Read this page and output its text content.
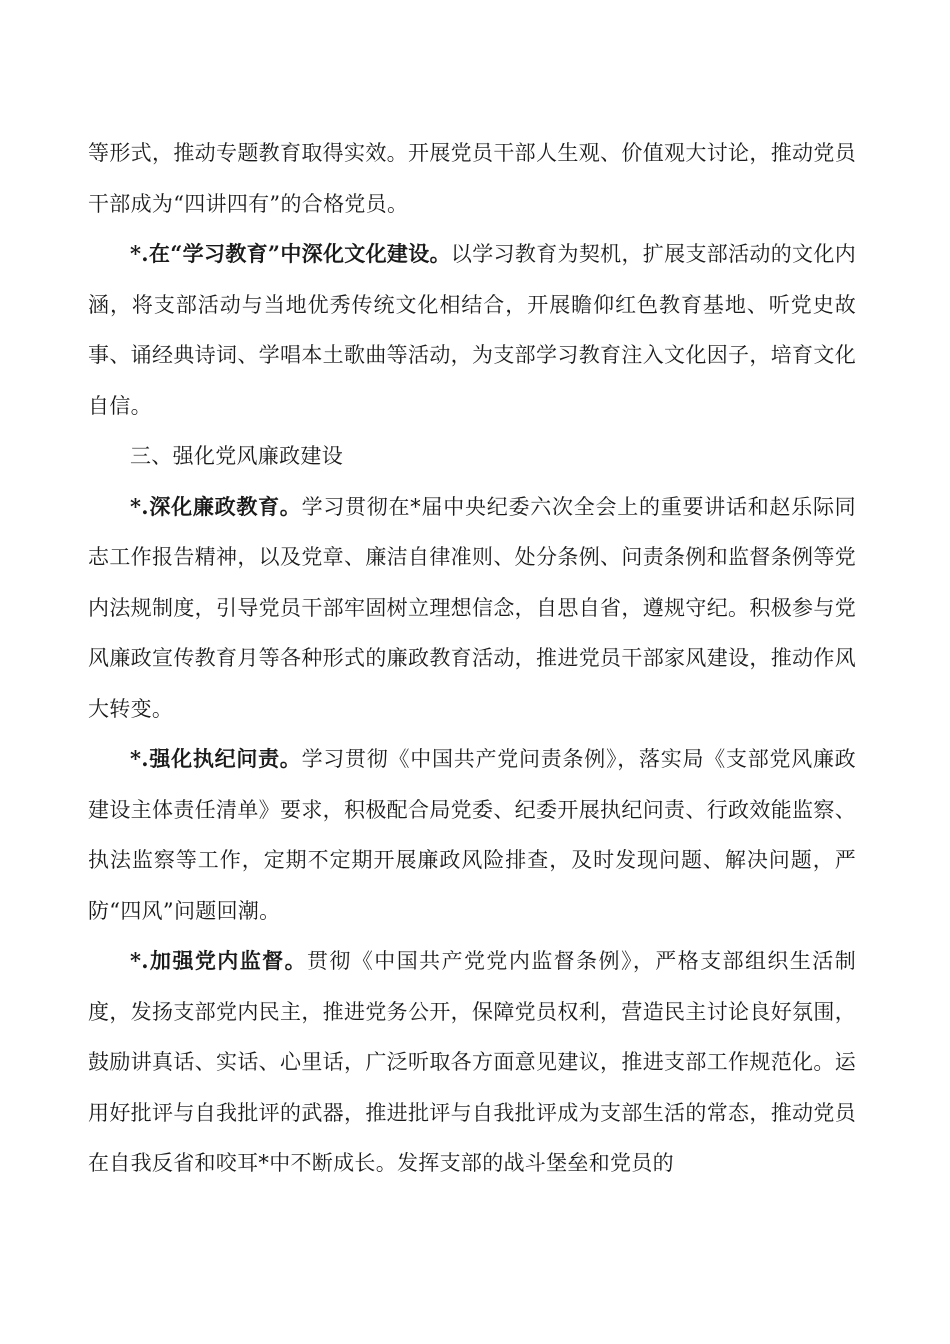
等形式，推动专题教育取得实效。开展党员干部人生观、价值观大讨论，推动党员干部成为“四讲四有”的合格党员。

*.在“学习教育”中深化文化建设。以学习教育为契机，扩展支部活动的文化内涵，将支部活动与当地优秀传统文化相结合，开展瞻仰红色教育基地、听党史故事、诵经典诗词、学唱本土歌曲等活动，为支部学习教育注入文化因子，培育文化自信。

三、强化党风廉政建设

*.深化廉政教育。学习贯彻在*届中央纪委六次全会上的重要讲话和赵乐际同志工作报告精神，以及党章、廉洁自律准则、处分条例、问责条例和监督条例等党内法规制度，引导党员干部牢固树立理想信念，自思自省，遵规守纪。积极参与党风廉政宣传教育月等各种形式的廉政教育活动，推进党员干部家风建设，推动作风大转变。

*.强化执纪问责。学习贯彻《中国共产党问责条例》，落实局《支部党风廉政建设主体责任清单》要求，积极配合局党委、纪委开展执纪问责、行政效能监察、执法监察等工作，定期不定期开展廉政风险排查，及时发现问题、解决问题，严防“四风”问题回潮。

*.加强党内监督。贯彻《中国共产党党内监督条例》，严格支部组织生活制度，发扬支部党内民主，推进党务公开，保障党员权利，营造民主讨论良好氛围，鼓励讲真话、实话、心里话，广泛听取各方面意见建议，推进支部工作规范化。运用好批评与自我批评的武器，推进批评与自我批评成为支部生活的常态，推动党员在自我反省和咬耳*中不断成长。发挥支部的战斗堡垒和党员的
